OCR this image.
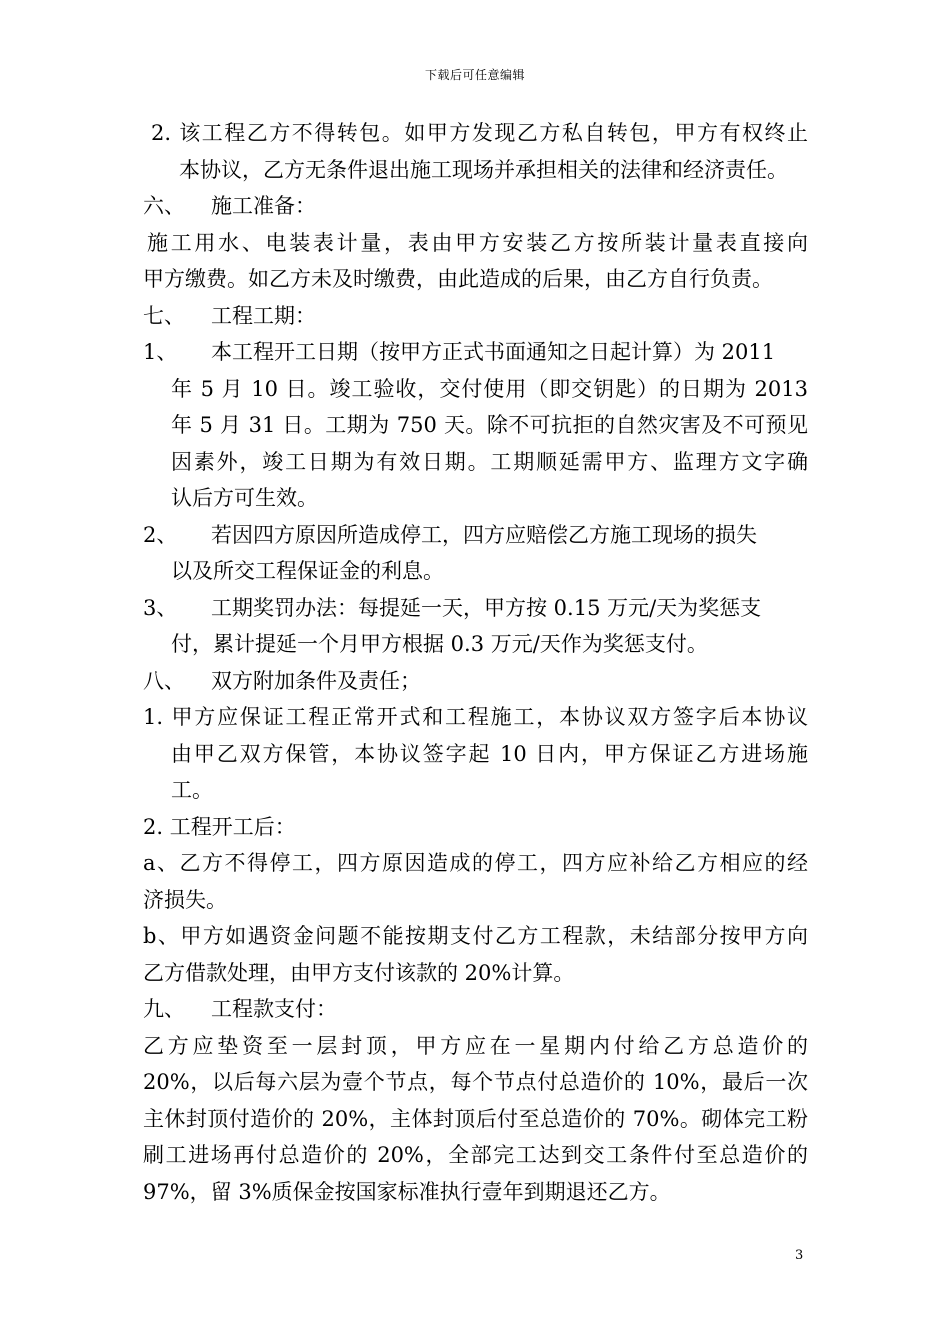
下载后可任意编辑
2. 该工程乙方不得转包。如甲方发现乙方私自转包，甲方有权终止
本协议，乙方无条件退出施工现场并承担相关的法律和经济责任。
六、 施工准备：
施工用水、电装表计量，表由甲方安装乙方按所装计量表直接向
甲方缴费。如乙方未及时缴费，由此造成的后果，由乙方自行负责。
七、 工程工期：
1、 本工程开工日期（按甲方正式书面通知之日起计算）为 2011
年 5 月 10 日。竣工验收，交付使用（即交钥匙）的日期为 2013
年 5 月 31 日。工期为 750 天。除不可抗拒的自然灾害及不可预见
因素外，竣工日期为有效日期。工期顺延需甲方、监理方文字确
认后方可生效。
2、 若因四方原因所造成停工，四方应赔偿乙方施工现场的损失
以及所交工程保证金的利息。
3、 工期奖罚办法：每提延一天，甲方按 0.15 万元/天为奖惩支
付，累计提延一个月甲方根据 0.3 万元/天作为奖惩支付。
八、 双方附加条件及责任；
1. 甲方应保证工程正常开式和工程施工，本协议双方签字后本协议
由甲乙双方保管，本协议签字起 10 日内，甲方保证乙方进场施
工。
2. 工程开工后：
a、乙方不得停工，四方原因造成的停工，四方应补给乙方相应的经
济损失。
b、甲方如遇资金问题不能按期支付乙方工程款，未结部分按甲方向
乙方借款处理，由甲方支付该款的 20%计算。
九、 工程款支付：
乙方应垫资至一层封顶，甲方应在一星期内付给乙方总造价的
20%，以后每六层为壹个节点，每个节点付总造价的 10%，最后一次
主休封顶付造价的 20%，主体封顶后付至总造价的 70%。砌体完工粉
刷工进场再付总造价的 20%，全部完工达到交工条件付至总造价的
97%，留 3%质保金按国家标准执行壹年到期退还乙方。
3
